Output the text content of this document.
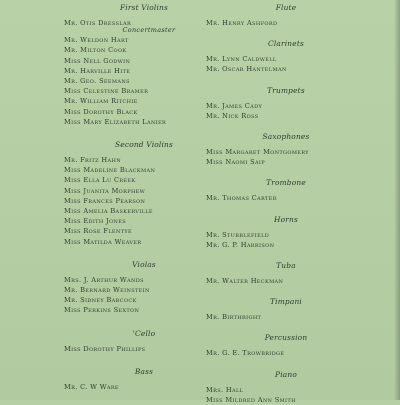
First Violins
Mr. Otis Dresslar
Concertmaster
Mr. Weldon Hart
Mr. Milton Cook
Miss Nell Godwin
Mr. Harville Hite
Mr. Geo. Seemans
Miss Celestine Bramer
Mr. William Ritchie
Miss Dorothy Black
Miss Mary Elizabeth Lanier
Second Violins
Mr. Fritz Hahn
Miss Madeline Blackman
Miss Ella Lu Creek
Miss Juanita Morphew
Miss Frances Pearson
Miss Amelia Baskerville
Miss Edith Jones
Miss Rose Flentye
Miss Matilda Weaver
Violas
Mrs. J. Arthur Wands
Mr. Bernard Weinstein
Mr. Sidney Babcock
Miss Perkins Sexton
'Cello
Miss Dorothy Phillips
Bass
Mr. C. W Ware
Flute
Mr. Henry Ashford
Clarinets
Mr. Lynn Caldwell
Mr. Oscar Hantelman
Trumpets
Mr. James Cady
Mr. Nick Ross
Saxophones
Miss Margaret Montgomery
Miss Naomi Saip
Trombone
Mr. Thomas Carter
Horns
Mr. Stubblefield
Mr. G. P. Harrison
Tuba
Mr. Walter Heckman
Timpani
Mr. Birthright
Percussion
Mr. G. E. Trowbridge
Piano
Mrs. Hall
Miss Mildred Ann Smith
